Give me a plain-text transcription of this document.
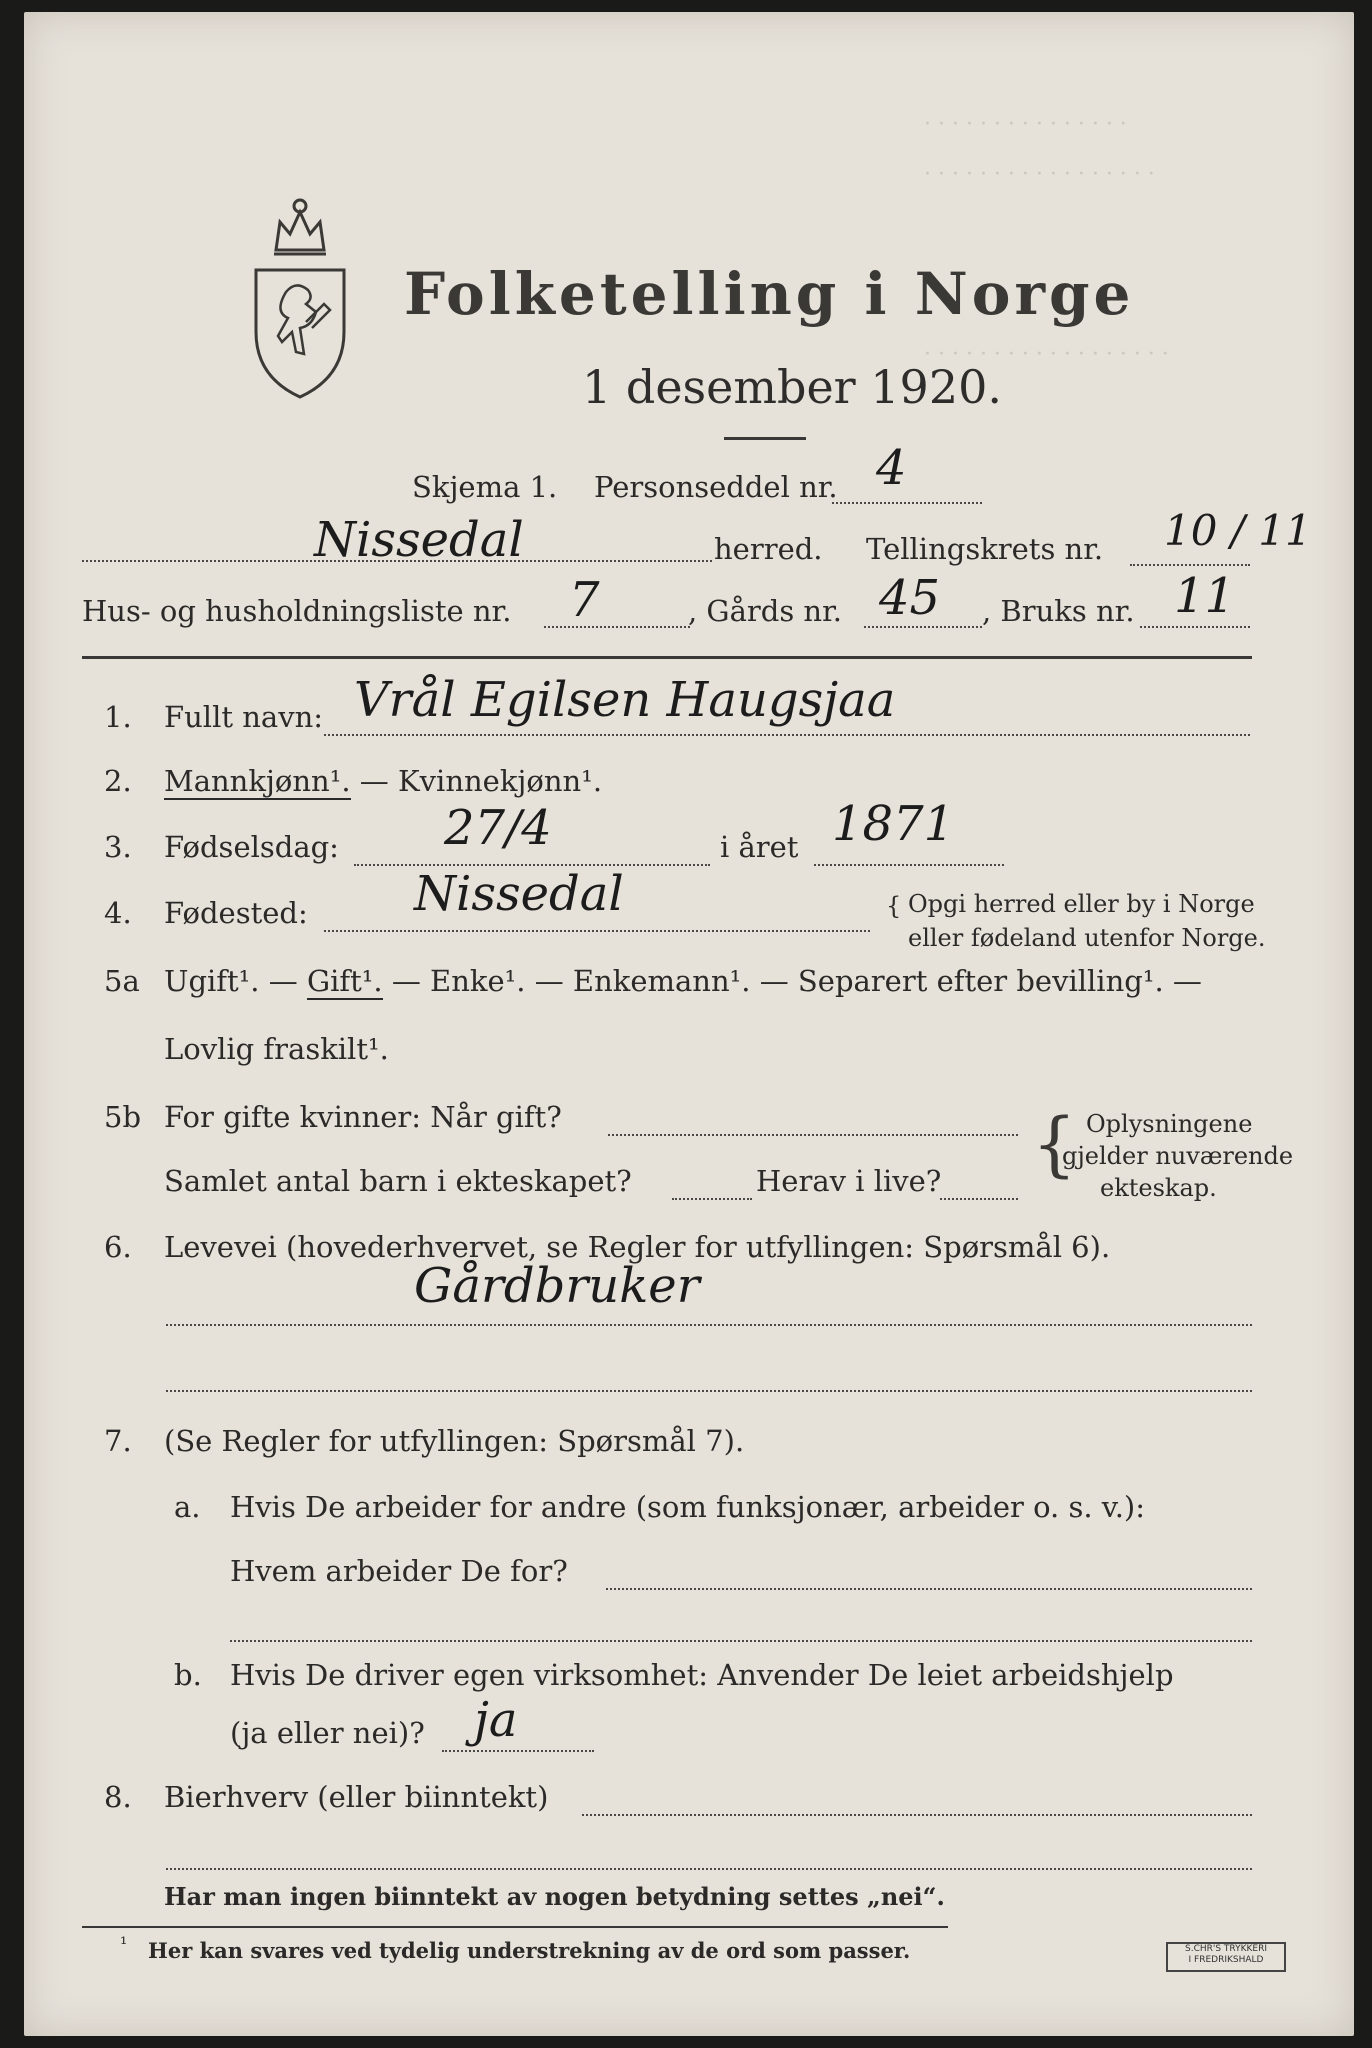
· · · · · · · · · · · · · · ·
· · · · · · · · · · · · · · · · ·
· · · · · · · · · · · · · · · · · ·
Folketelling i Norge
1 desember 1920.
Skjema 1. Personseddel nr. 4
Nissedal	herred. Tellingskrets nr. 10 / 11
Hus- og husholdningsliste nr. 7	, Gårds nr. 45 , Bruks nr. 11
1. Fullt navn: Vrål Egilsen Haugsjaa
2. Mannkjønn¹. — Kvinnekjønn¹.
3. Fødselsdag: 27/4	i året 1871
4. Fødested: Nissedal	{ Opgi herred eller by i Norge
eller fødeland utenfor Norge.
5a Ugift¹. — Gift¹. — Enke¹. — Enkemann¹. — Separert efter bevilling¹. —
Lovlig fraskilt¹.
5b For gifte kvinner: Når gift?
Samlet antal barn i ekteskapet?	Herav i live? { Oplysningene
gjelder nuværende
ekteskap.
6. Levevei (hovederhvervet, se Regler for utfyllingen: Spørsmål 6).
Gårdbruker
7. (Se Regler for utfyllingen: Spørsmål 7).
a. Hvis De arbeider for andre (som funksjonær, arbeider o. s. v.):
Hvem arbeider De for?
b. Hvis De driver egen virksomhet: Anvender De leiet arbeidshjelp
(ja eller nei)? ja
8. Bierhverv (eller biinntekt)
Har man ingen biinntekt av nogen betydning settes „nei“.
¹ Her kan svares ved tydelig understrekning av de ord som passer.	S.CHR'S TRYKKERI
I FREDRIKSHALD
